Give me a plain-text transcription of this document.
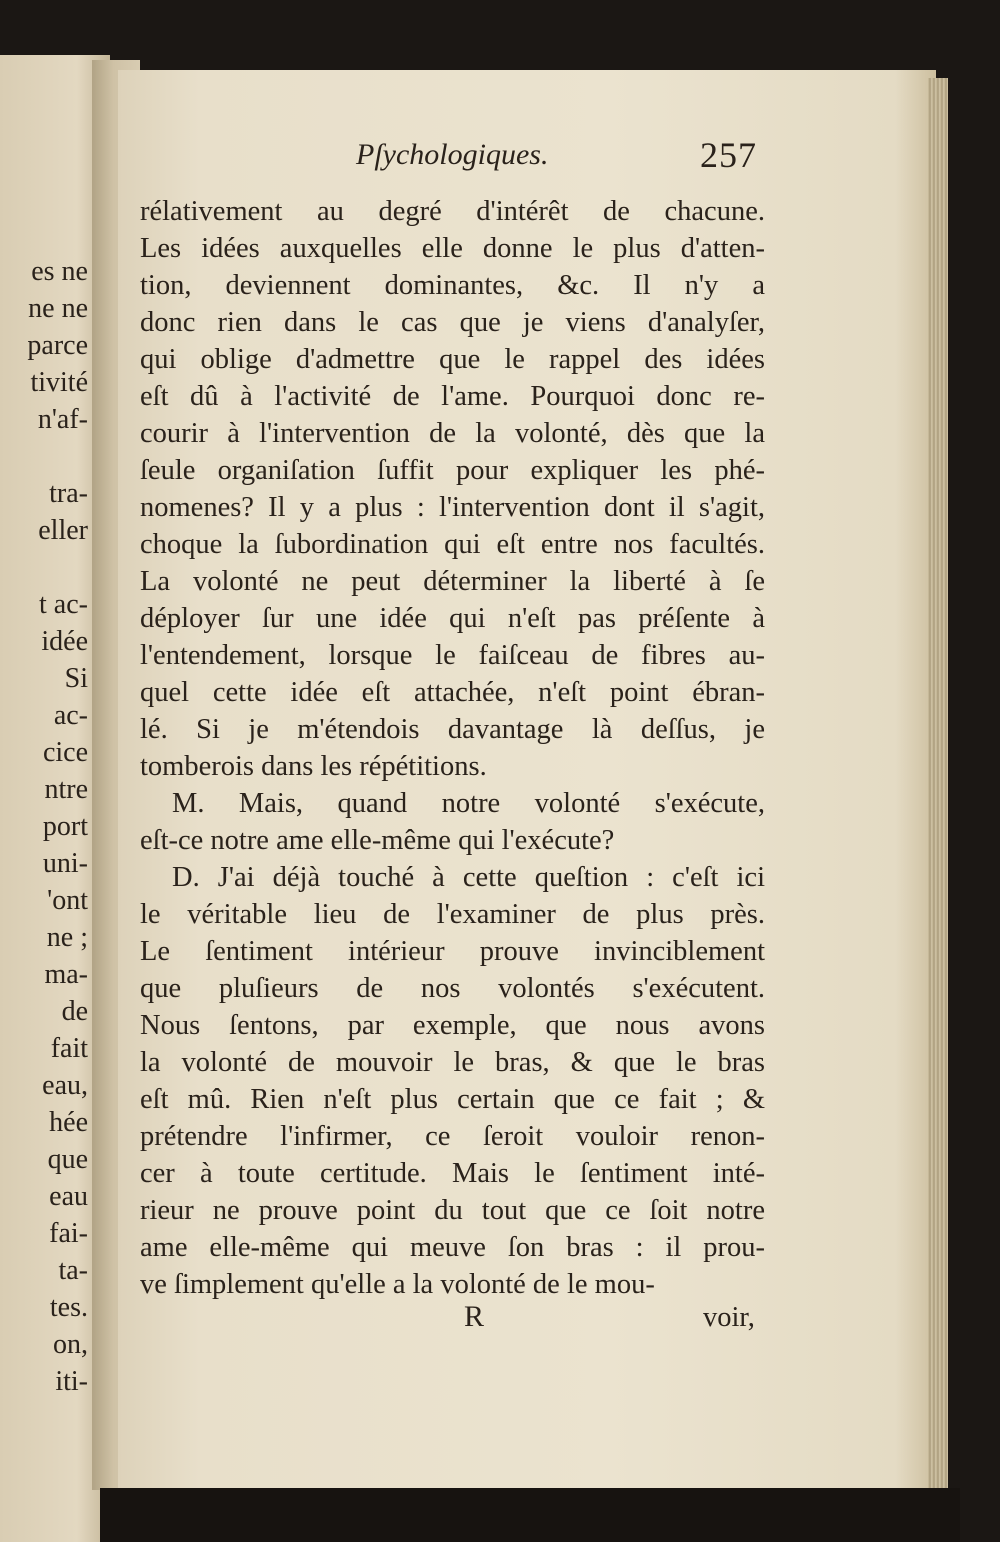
es ne
ne ne
parce
tivité
n'af-
tra-
eller
t ac-
idée
Si
ac-
cice
ntre
port
uni-
'ont
ne ;
ma-
de
fait
eau,
hée
que
eau
fai-
ta-
tes.
on,
iti-
Pſychologiques.	257
rélativement au degré d'intérêt de chacune.
Les idées auxquelles elle donne le plus d'atten-
tion, deviennent dominantes, &c. Il n'y a
donc rien dans le cas que je viens d'analyſer,
qui oblige d'admettre que le rappel des idées
eſt dû à l'activité de l'ame. Pourquoi donc re-
courir à l'intervention de la volonté, dès que la
ſeule organiſation ſuffit pour expliquer les phé-
nomenes? Il y a plus : l'intervention dont il s'agit,
choque la ſubordination qui eſt entre nos facultés.
La volonté ne peut déterminer la liberté à ſe
déployer ſur une idée qui n'eſt pas préſente à
l'entendement, lorsque le faiſceau de fibres au-
quel cette idée eſt attachée, n'eſt point ébran-
lé. Si je m'étendois davantage là deſſus, je
tomberois dans les répétitions.
M. Mais, quand notre volonté s'exécute,
eſt-ce notre ame elle-même qui l'exécute?
D. J'ai déjà touché à cette queſtion : c'eſt ici
le véritable lieu de l'examiner de plus près.
Le ſentiment intérieur prouve invinciblement
que pluſieurs de nos volontés s'exécutent.
Nous ſentons, par exemple, que nous avons
la volonté de mouvoir le bras, & que le bras
eſt mû. Rien n'eſt plus certain que ce fait ; &
prétendre l'infirmer, ce ſeroit vouloir renon-
cer à toute certitude. Mais le ſentiment inté-
rieur ne prouve point du tout que ce ſoit notre
ame elle-même qui meuve ſon bras : il prou-
ve ſimplement qu'elle a la volonté de le mou-
R	voir,
